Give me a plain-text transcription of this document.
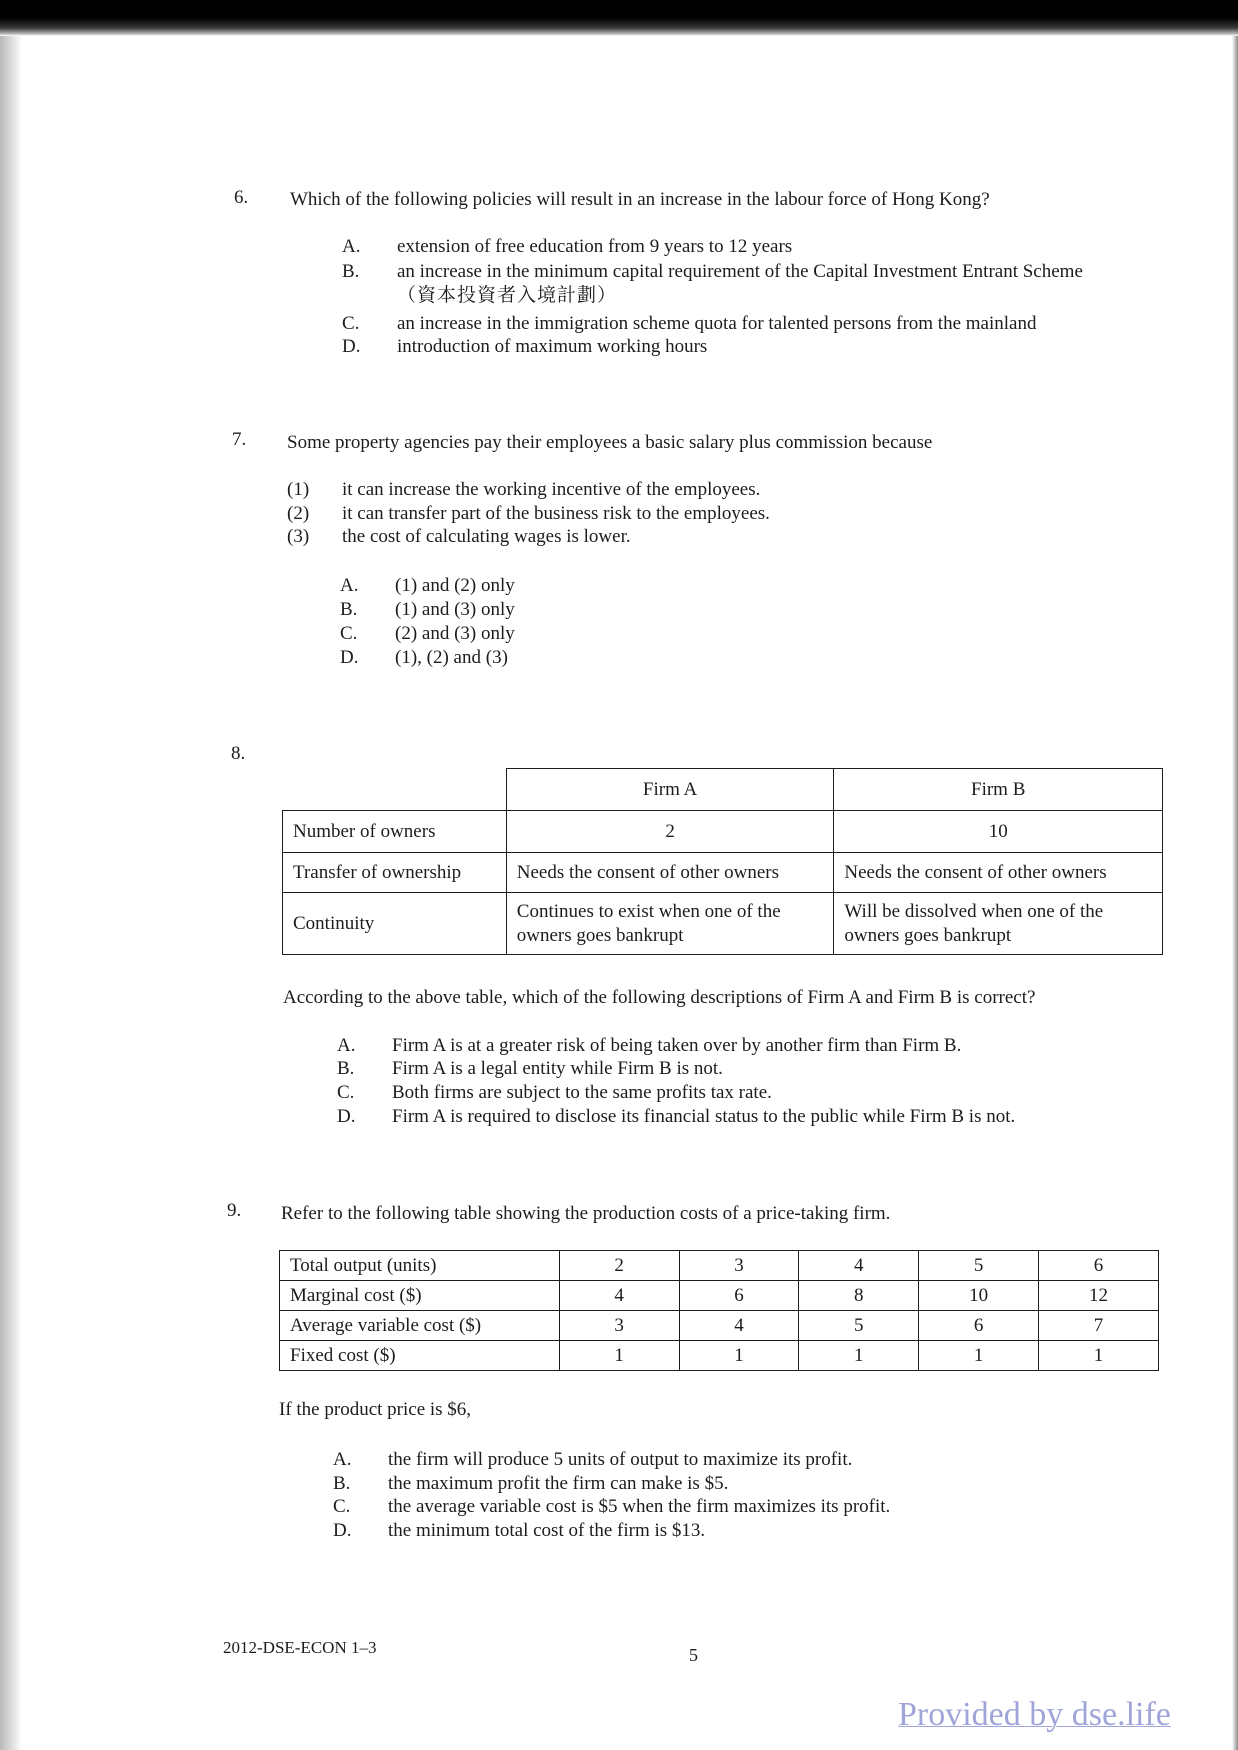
6. Which of the following policies will result in an increase in the labour force of Hong Kong?
A. extension of free education from 9 years to 12 years
B. an increase in the minimum capital requirement of the Capital Investment Entrant Scheme
（資本投資者入境計劃）
C. an increase in the immigration scheme quota for talented persons from the mainland
D. introduction of maximum working hours
7. Some property agencies pay their employees a basic salary plus commission because
(1) it can increase the working incentive of the employees.
(2) it can transfer part of the business risk to the employees.
(3) the cost of calculating wages is lower.
A. (1) and (2) only
B. (1) and (3) only
C. (2) and (3) only
D. (1), (2) and (3)
8.
	Firm A	Firm B
Number of owners	2	10
Transfer of ownership	Needs the consent of other owners	Needs the consent of other owners
Continuity	Continues to exist when one of the owners goes bankrupt	Will be dissolved when one of the owners goes bankrupt
According to the above table, which of the following descriptions of Firm A and Firm B is correct?
A. Firm A is at a greater risk of being taken over by another firm than Firm B.
B. Firm A is a legal entity while Firm B is not.
C. Both firms are subject to the same profits tax rate.
D. Firm A is required to disclose its financial status to the public while Firm B is not.
9. Refer to the following table showing the production costs of a price-taking firm.
Total output (units)	2	3	4	5	6
Marginal cost ($)	4	6	8	10	12
Average variable cost ($)	3	4	5	6	7
Fixed cost ($)	1	1	1	1	1
If the product price is $6,
A. the firm will produce 5 units of output to maximize its profit.
B. the maximum profit the firm can make is $5.
C. the average variable cost is $5 when the firm maximizes its profit.
D. the minimum total cost of the firm is $13.
2012-DSE-ECON 1–3	5
Provided by dse.life
